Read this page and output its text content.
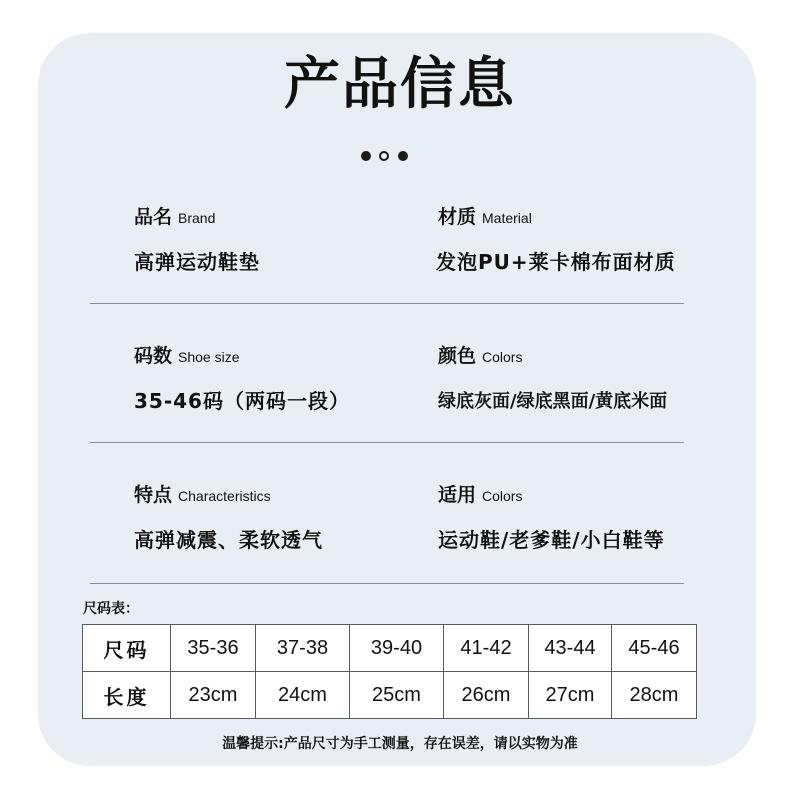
产品信息
品名 Brand
高弹运动鞋垫
材质 Material
发泡PU+莱卡棉布面材质
码数 Shoe size
35-46码（两码一段）
颜色 Colors
绿底灰面/绿底黑面/黄底米面
特点 Characteristics
高弹减震、柔软透气
适用 Colors
运动鞋/老爹鞋/小白鞋等
尺码表：
尺码	35-36	37-38	39-40	41-42	43-44	45-46
长度	23cm	24cm	25cm	26cm	27cm	28cm
温馨提示:产品尺寸为手工测量，存在误差，请以实物为准
